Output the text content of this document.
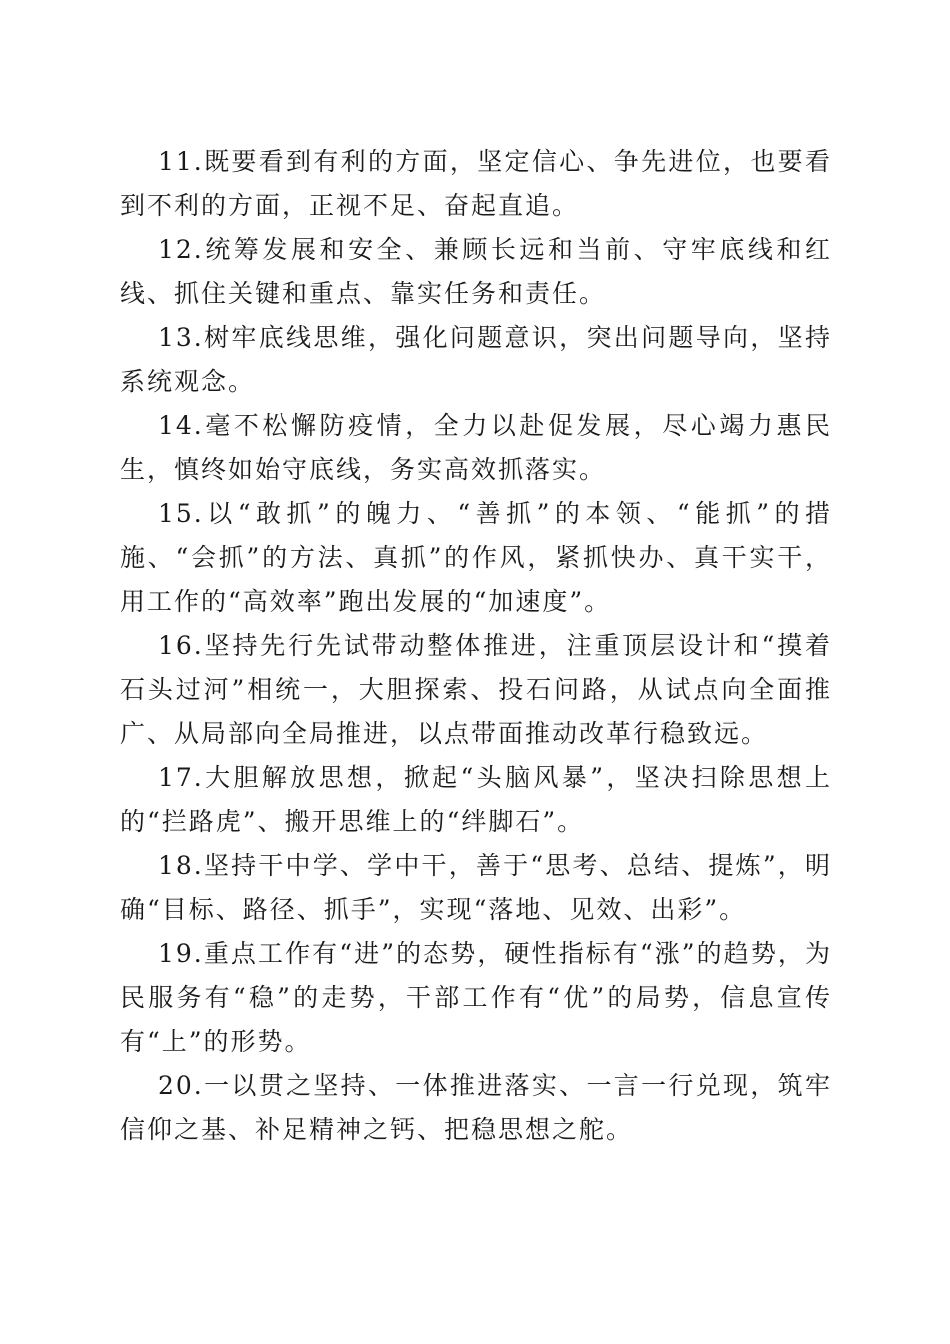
11.既要看到有利的方面，坚定信心、争先进位，也要看到不利的方面，正视不足、奋起直追。

12.统筹发展和安全、兼顾长远和当前、守牢底线和红线、抓住关键和重点、靠实任务和责任。

13.树牢底线思维，强化问题意识，突出问题导向，坚持系统观念。

14.毫不松懈防疫情，全力以赴促发展，尽心竭力惠民生，慎终如始守底线，务实高效抓落实。

15.以“敢抓”的魄力、“善抓”的本领、“能抓”的措施、“会抓”的方法、真抓”的作风，紧抓快办、真干实干，用工作的“高效率”跑出发展的“加速度”。

16.坚持先行先试带动整体推进，注重顶层设计和“摸着石头过河”相统一，大胆探索、投石问路，从试点向全面推广、从局部向全局推进，以点带面推动改革行稳致远。

17.大胆解放思想，掀起“头脑风暴”，坚决扫除思想上的“拦路虎”、搬开思维上的“绊脚石”。

18.坚持干中学、学中干，善于“思考、总结、提炼”，明确“目标、路径、抓手”，实现“落地、见效、出彩”。

19.重点工作有“进”的态势，硬性指标有“涨”的趋势，为民服务有“稳”的走势，干部工作有“优”的局势，信息宣传有“上”的形势。

20.一以贯之坚持、一体推进落实、一言一行兑现，筑牢信仰之基、补足精神之钙、把稳思想之舵。
